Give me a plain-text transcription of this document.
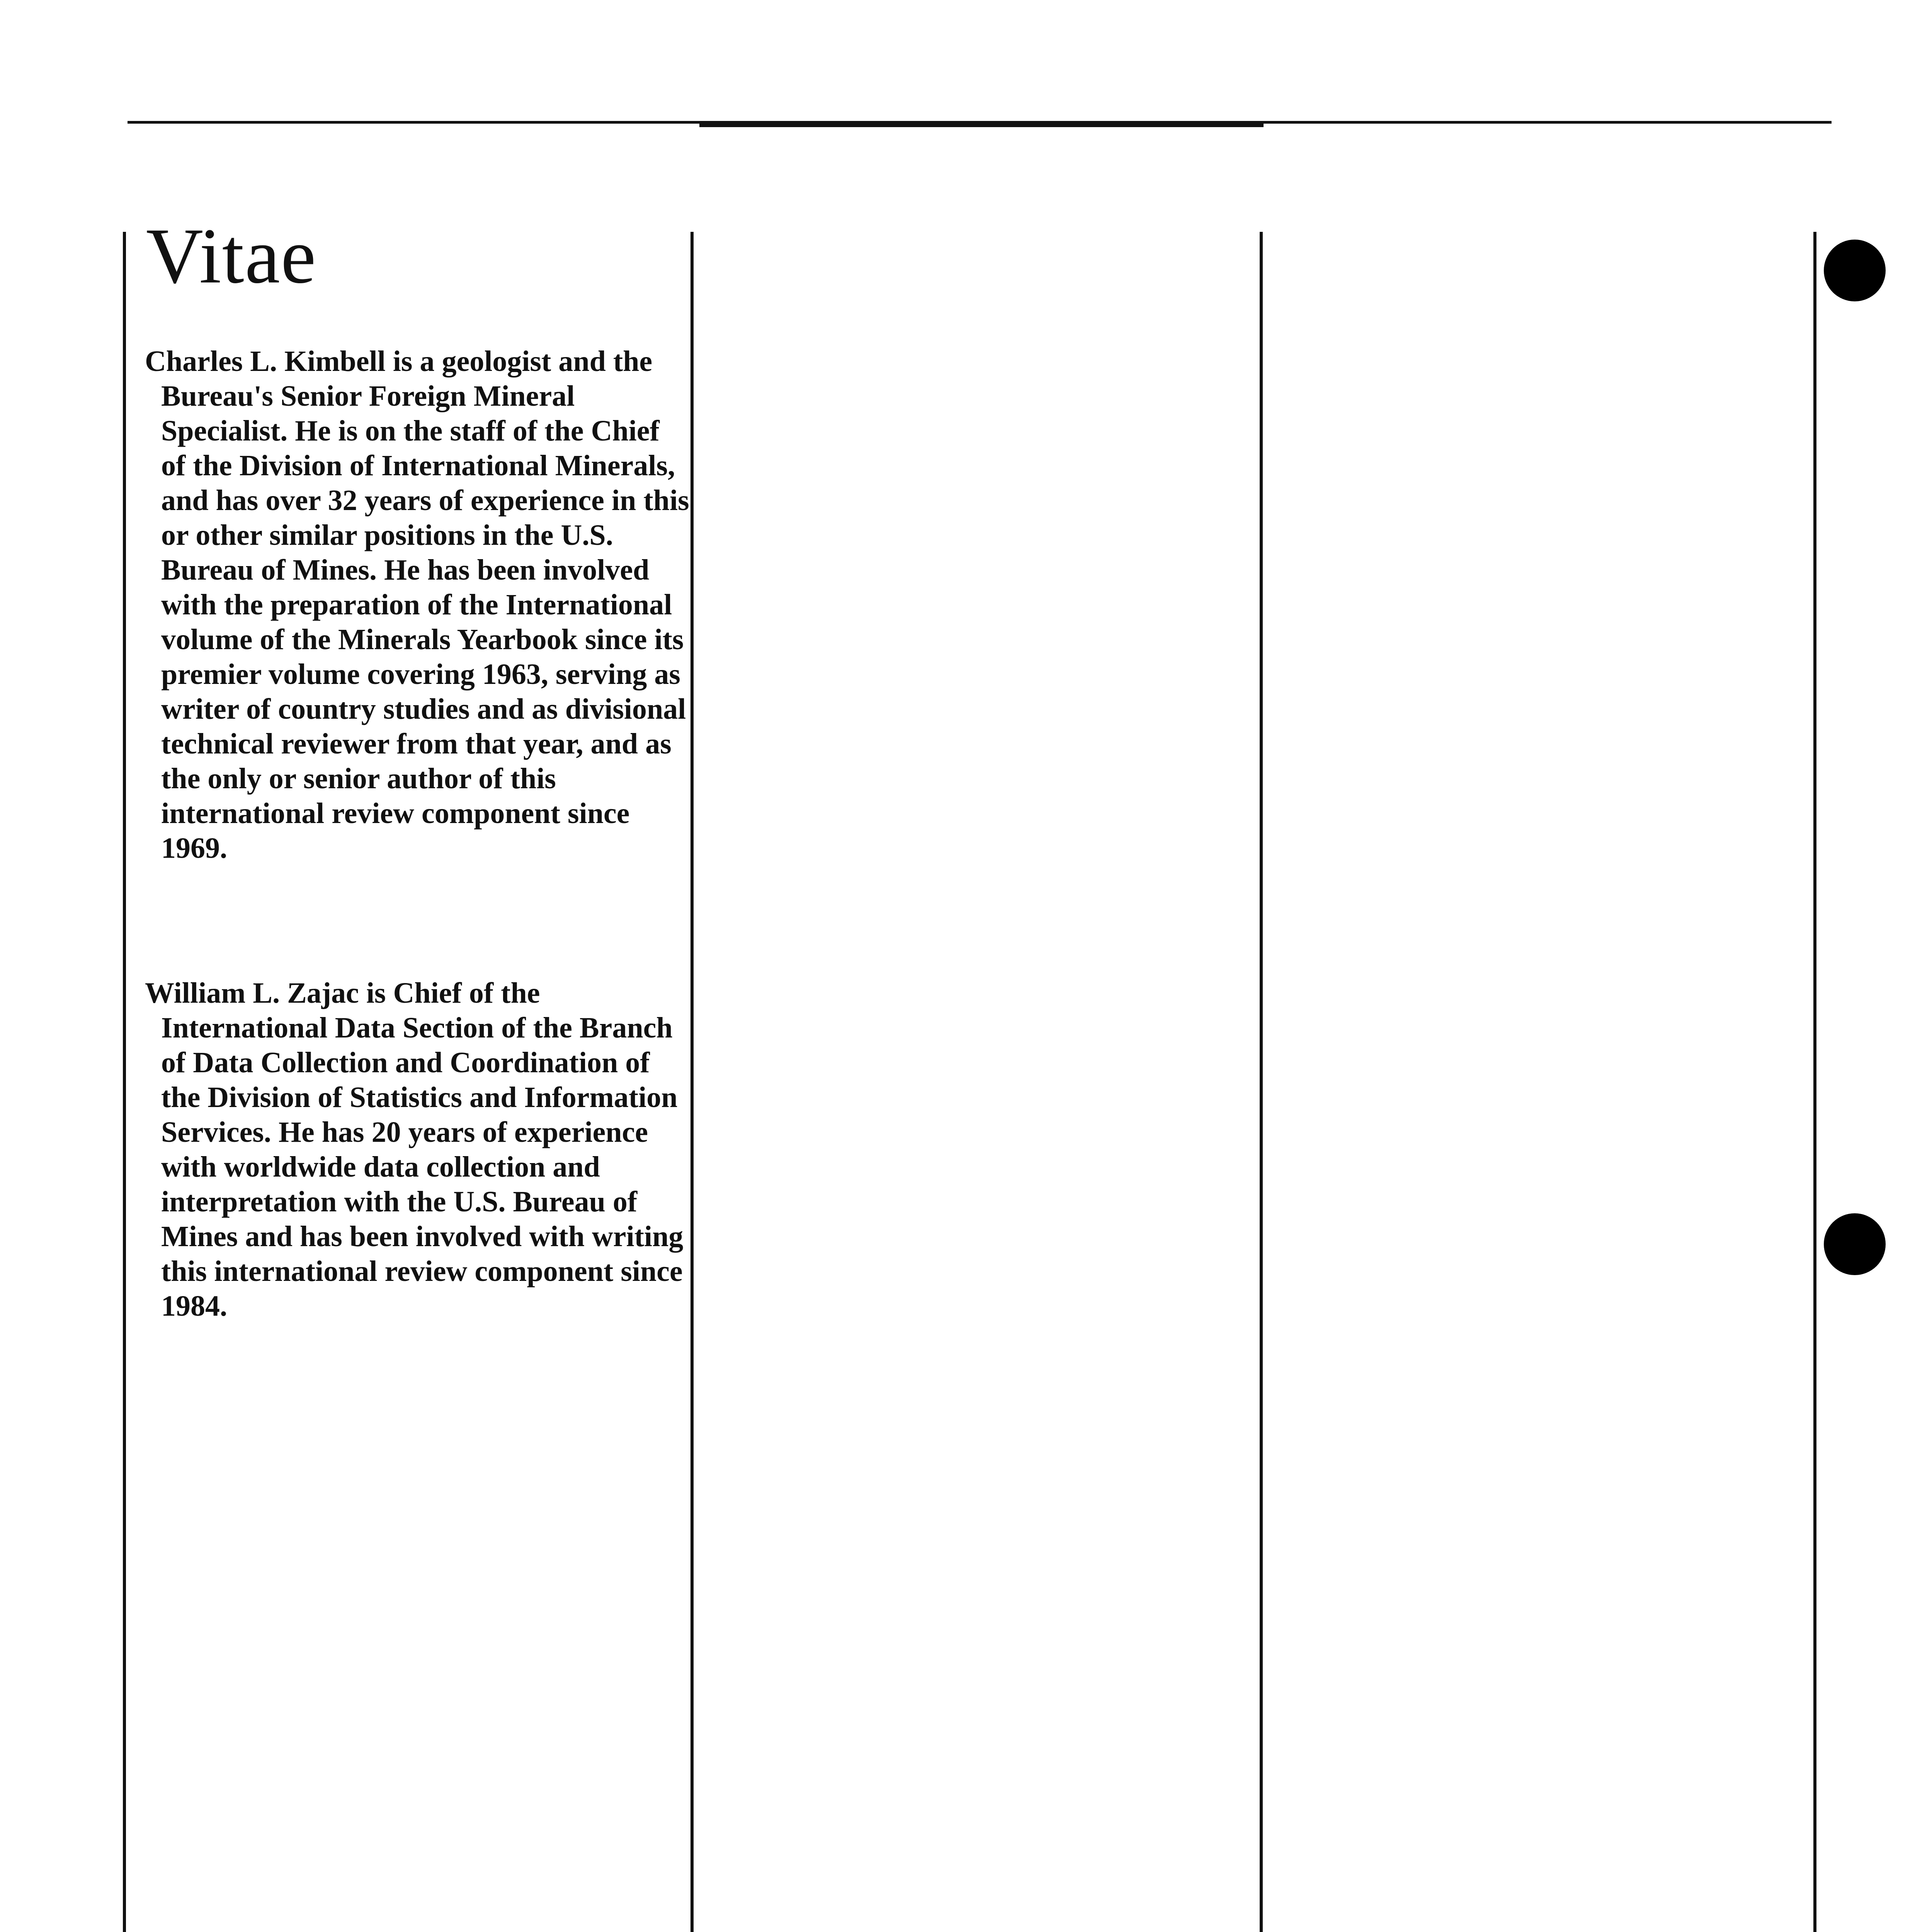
Vitae

Charles L. Kimbell is a geologist and the Bureau's Senior Foreign Mineral Specialist. He is on the staff of the Chief of the Division of International Minerals, and has over 32 years of experience in this or other similar positions in the U.S. Bureau of Mines. He has been involved with the preparation of the International volume of the Minerals Yearbook since its premier volume covering 1963, serving as writer of country studies and as divisional technical reviewer from that year, and as the only or senior author of this international review component since 1969.

William L. Zajac is Chief of the International Data Section of the Branch of Data Collection and Coordination of the Division of Statistics and Information Services. He has 20 years of experience with worldwide data collection and interpretation with the U.S. Bureau of Mines and has been involved with writing this international review component since 1984.
